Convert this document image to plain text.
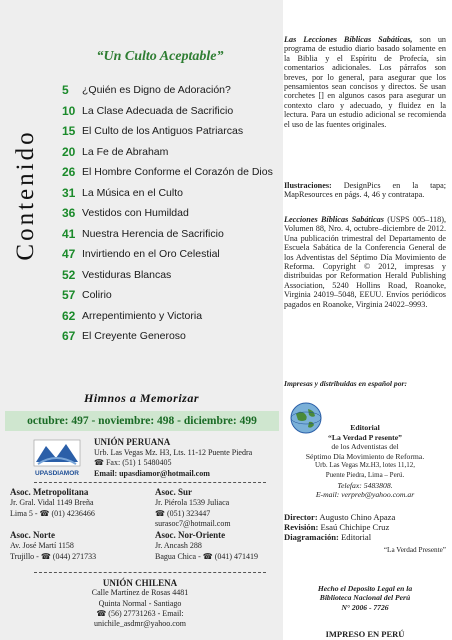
Contenido
“Un Culto Aceptable”
5	¿Quién es Digno de Adoración?
10 La Clase Adecuada de Sacrificio
15 El Culto de los Antiguos Patriarcas
20 La Fe de Abraham
26 El Hombre Conforme el Corazón de Dios
31 La Música en el Culto
36 Vestidos con Humildad
41 Nuestra Herencia de Sacrificio
47 Invirtiendo en el Oro Celestial
52 Vestiduras Blancas
57 Colirio
62 Arrepentimiento y Victoria
67 El Creyente Generoso
Himnos a Memorizar
octubre: 497 - noviembre: 498 - diciembre: 499
UPASDIAMOR
UNIÓN PERUANA
Urb. Las Vegas Mz. H3, Lts. 11-12 Puente Piedra
☎ Fax: (51) 1 5480405
Email: upasdiamor@hotmail.com
Asoc. Metropolitana
Jr. Gral. Vidal 1149 Breña
Lima 5 - ☎ (01) 4236466
Asoc. Sur
Jr. Piérola 1539 Juliaca
☎ (051) 323447
surasoc7@hotmail.com
Asoc. Norte
Av. José Martí 1158
Trujillo - ☎ (044) 271733
Asoc. Nor-Oriente
Jr. Ancash 288
Bagua Chica - ☎ (041) 471419
UNIÓN CHILENA
Calle Martínez de Rosas 4481
Quinta Normal - Santiago
☎ (56) 27731263 - Email:
unichile_asdmr@yahoo.com
Las Lecciones Bíblicas Sabáticas, son un programa de estudio diario basado solamente en la Biblia y el Espíritu de Profecía, sin comentarios adicionales. Los párrafos son breves, por lo general, para asegurar que los pensamientos sean concisos y directos. Se usan corchetes [] en algunos casos para asegurar un contexto claro y adecuado, y fluidez en la lectura. Para un estudio adicional se recomienda el uso de las fuentes originales.
Ilustraciones: DesignPics en la tapa; MapResources en págs. 4, 46 y contratapa.
Lecciones Bíblicas Sabáticas (USPS 005–118), Volumen 88, Nro. 4, octubre–diciembre de 2012. Una publicación trimestral del Departamento de Escuela Sabática de la Conferencia General de los Adventistas del Séptimo Día Movimiento de Reforma. Copyright © 2012, impresas y distribuidas por Reformation Herald Publishing Association, 5240 Hollins Road, Roanoke, Virginia 24019–5048, EEUU. Envíos periódicos pagados en Roanoke, Virginia 24022–9993.
Impresas y distribuidas en español por:
Editorial
“La Verdad P resente”
de los Adventistas del
Séptimo Día Movimiento de Reforma.
Urb. Las Vegas Mz.H3, lotes 11,12,
Puente Piedra, Lima – Perú.
Telefax: 5483808.
E-mail: verpreb@yahoo.com.ar
Director: Augusto Chino Apaza
Revisión: Esaú Chichipe Cruz
Diagramación: Editorial
“La Verdad Presente”
Hecho el Deposito Legal en la
Biblioteca Nacional del Perú
N° 2006 - 7726
IMPRESO EN PERÚ
